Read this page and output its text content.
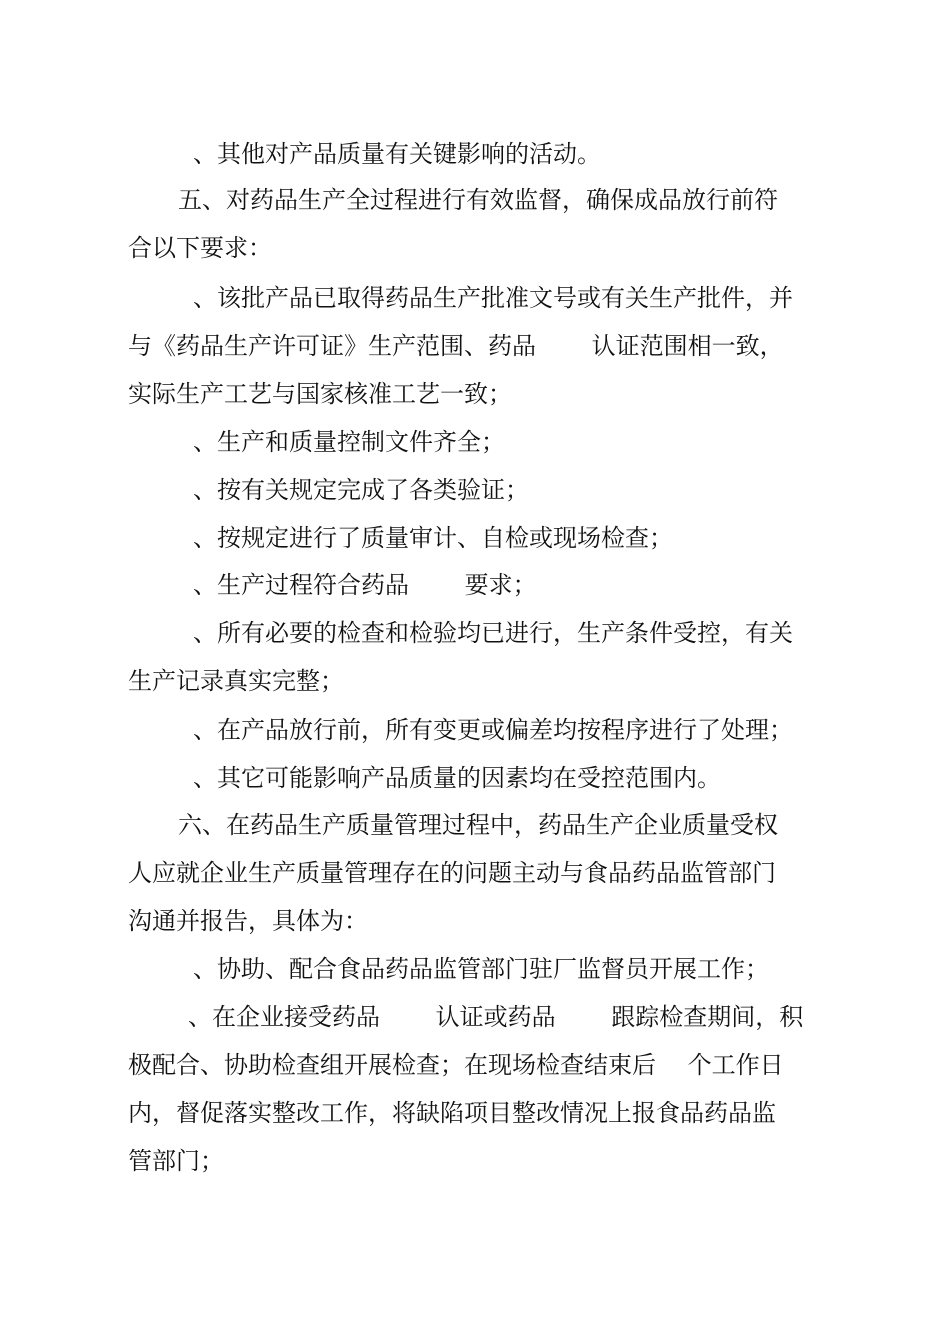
、其他对产品质量有关键影响的活动。
五、对药品生产全过程进行有效监督，确保成品放行前符
合以下要求：
、该批产品已取得药品生产批准文号或有关生产批件，并
与《药品生产许可证》生产范围、药品　　 认证范围相一致，
实际生产工艺与国家核准工艺一致；
、生产和质量控制文件齐全；
、按有关规定完成了各类验证；
、按规定进行了质量审计、自检或现场检查；
、生产过程符合药品　　 要求；
、所有必要的检查和检验均已进行，生产条件受控，有关
生产记录真实完整；
、在产品放行前，所有变更或偏差均按程序进行了处理；
、其它可能影响产品质量的因素均在受控范围内。
六、在药品生产质量管理过程中，药品生产企业质量受权
人应就企业生产质量管理存在的问题主动与食品药品监管部门
沟通并报告，具体为：
、协助、配合食品药品监管部门驻厂监督员开展工作；
、在企业接受药品　　 认证或药品　　 跟踪检查期间，积
极配合、协助检查组开展检查；在现场检查结束后　 个工作日
内，督促落实整改工作，将缺陷项目整改情况上报食品药品监
管部门；
